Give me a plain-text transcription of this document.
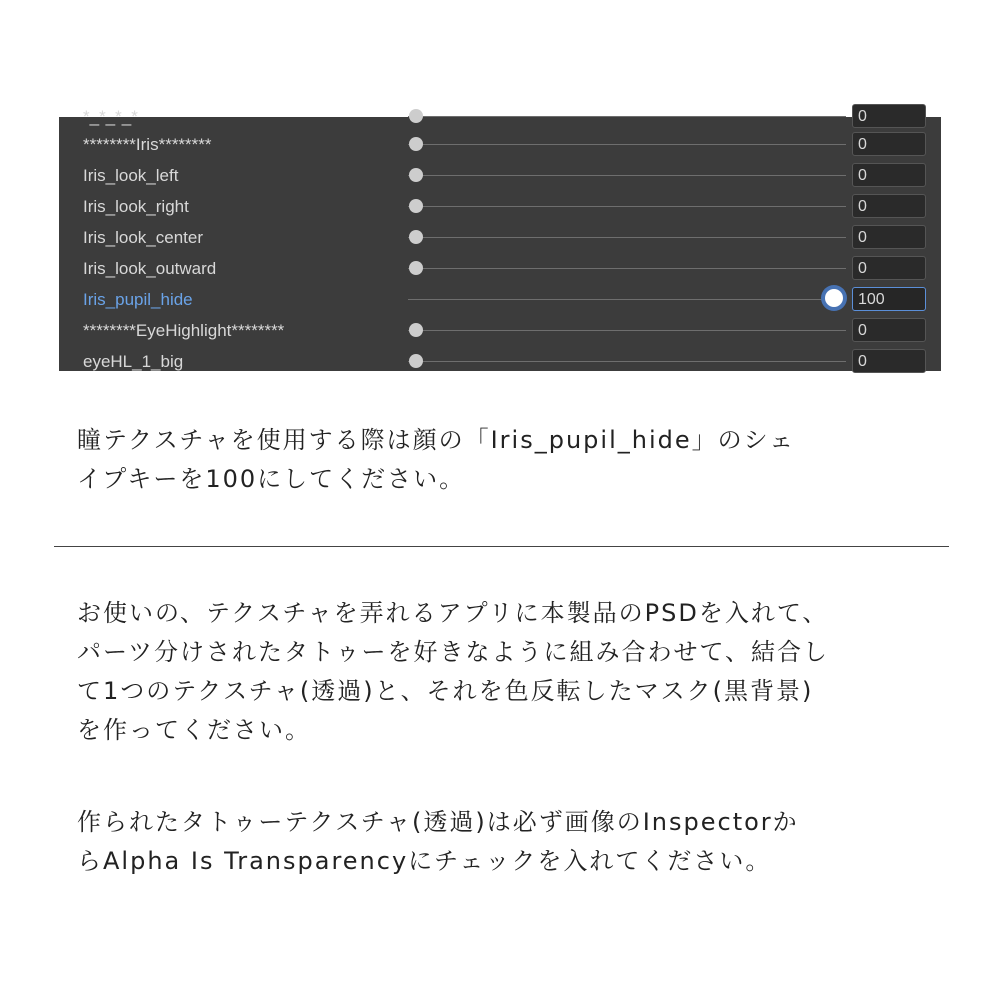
*_*_*_*	0
********Iris********	0
Iris_look_left	0
Iris_look_right	0
Iris_look_center	0
Iris_look_outward	0
Iris_pupil_hide	100
********EyeHighlight********	0
eyeHL_1_big	0

瞳テクスチャを使用する際は顔の「Iris_pupil_hide」のシェ

イプキーを100にしてください。

お使いの、テクスチャを弄れるアプリに本製品のPSDを入れて、

パーツ分けされたタトゥーを好きなように組み合わせて、結合し

て1つのテクスチャ(透過)と、それを色反転したマスク(黒背景)

を作ってください。

作られたタトゥーテクスチャ(透過)は必ず画像のInspectorか

らAlpha Is Transparencyにチェックを入れてください。
